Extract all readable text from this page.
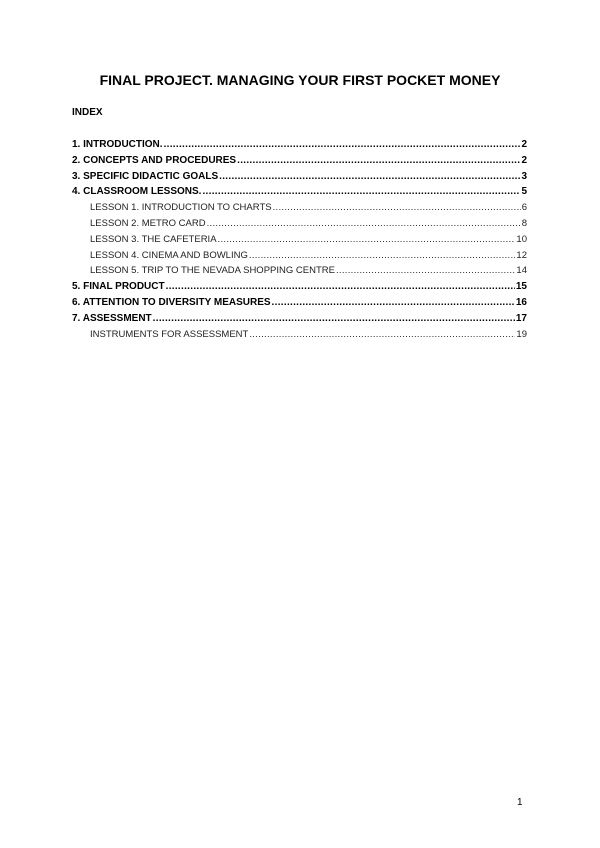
FINAL PROJECT. MANAGING YOUR FIRST POCKET MONEY
INDEX
1. INTRODUCTION. .....	2
2. CONCEPTS AND PROCEDURES .....	2
3. SPECIFIC DIDACTIC GOALS .....	3
4. CLASSROOM LESSONS. .....	5
LESSON 1. INTRODUCTION TO CHARTS .....	6
LESSON 2. METRO CARD .....	8
LESSON 3. THE CAFETERIA .....	10
LESSON 4. CINEMA AND BOWLING .....	12
LESSON 5. TRIP TO THE NEVADA SHOPPING CENTRE .....	14
5. FINAL PRODUCT .....	15
6. ATTENTION TO DIVERSITY MEASURES .....	16
7. ASSESSMENT .....	17
INSTRUMENTS FOR ASSESSMENT .....	19
1
